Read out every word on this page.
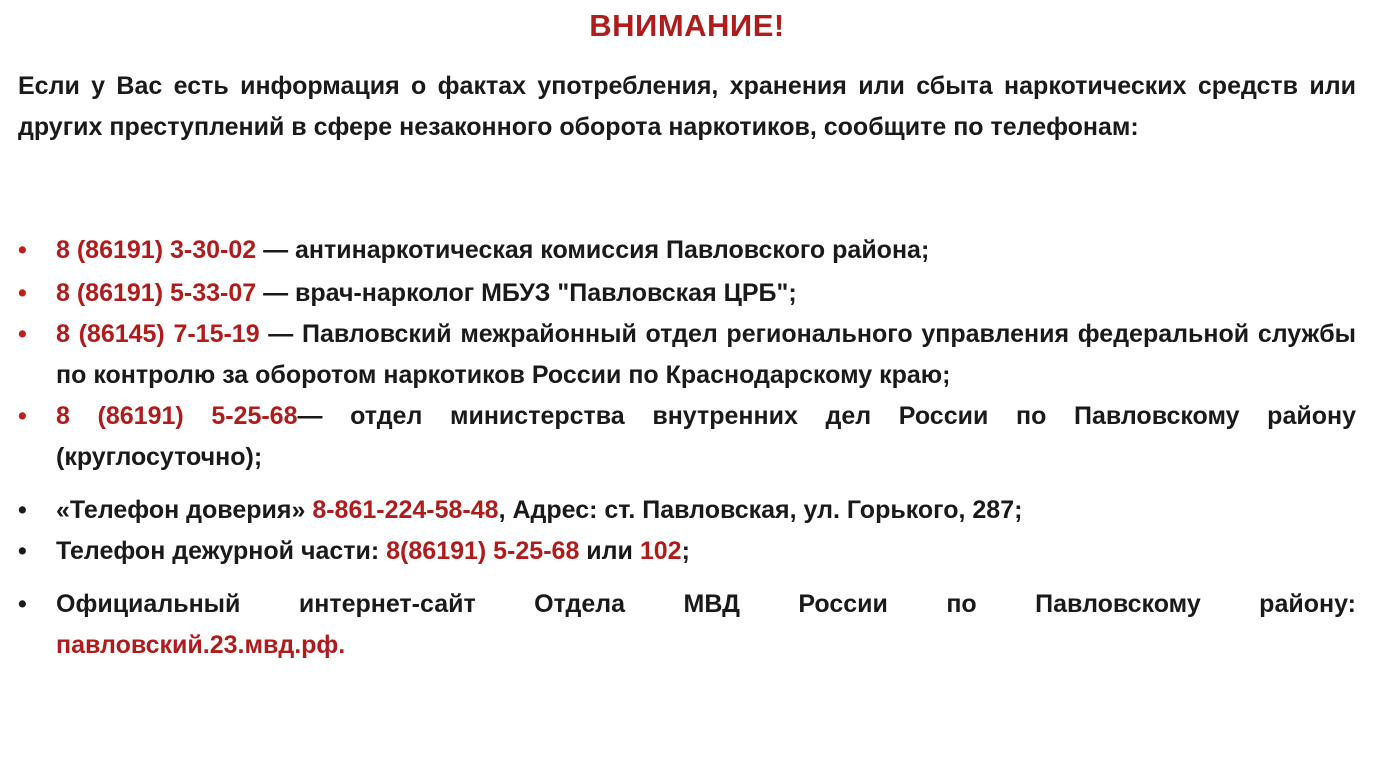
ВНИМАНИЕ!
Если у Вас есть информация о фактах употребления, хранения или сбыта наркотических средств или других преступлений в сфере незаконного оборота наркотиков, сообщите по телефонам:
•	8 (86191) 3-30-02 — антинаркотическая комиссия Павловского района;
•	8 (86191) 5-33-07 — врач-нарколог МБУЗ "Павловская ЦРБ";
•	8 (86145) 7-15-19 — Павловский межрайонный отдел регионального управления федеральной службы по контролю за оборотом наркотиков России по Краснодарскому краю;
•	8 (86191) 5-25-68— отдел министерства внутренних дел России по Павловскому району (круглосуточно);
•	«Телефон доверия» 8-861-224-58-48, Адрес: ст. Павловская, ул. Горького, 287;
•	Телефон дежурной части: 8(86191) 5-25-68 или 102;
•	Официальный интернет-сайт Отдела МВД России по Павловскому району:
павловский.23.мвд.рф.
